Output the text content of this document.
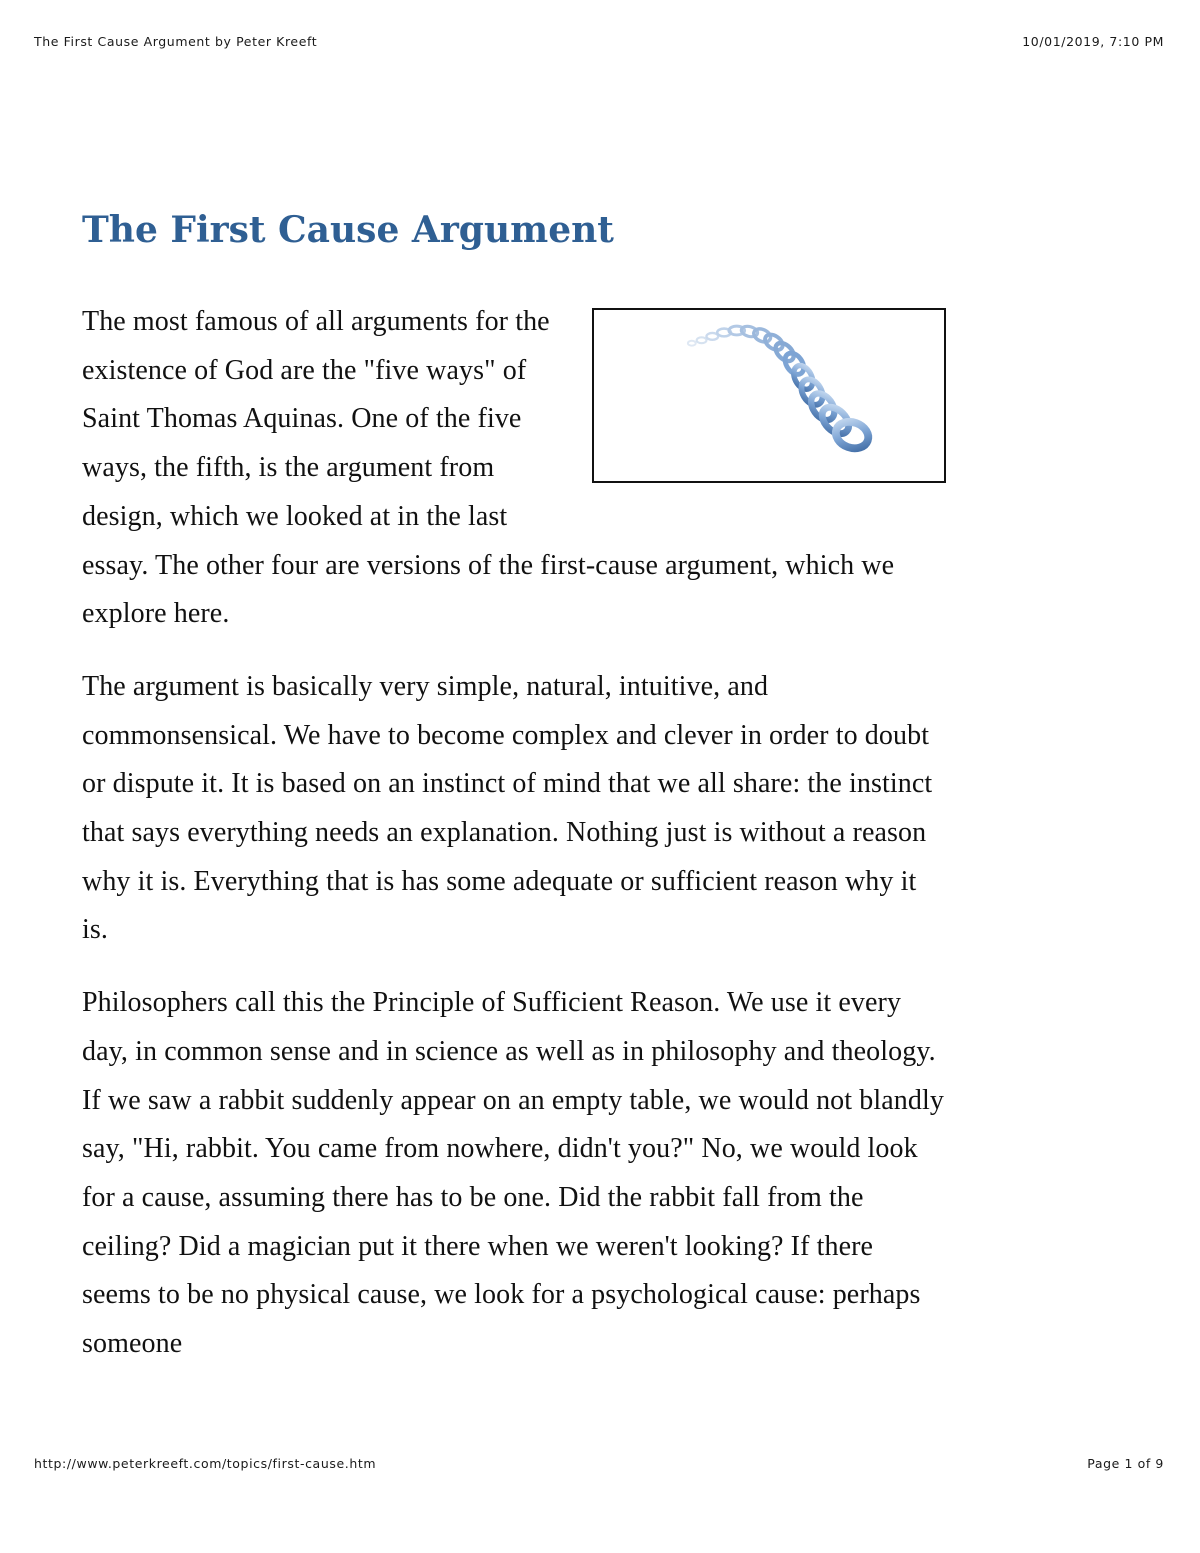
The First Cause Argument by Peter Kreeft	10/01/2019, 7:10 PM
The First Cause Argument

The most famous of all arguments for the existence of God are the "five ways" of Saint Thomas Aquinas. One of the five ways, the fifth, is the argument from design, which we looked at in the last essay. The other four are versions of the first-cause argument, which we explore here.

The argument is basically very simple, natural, intuitive, and commonsensical. We have to become complex and clever in order to doubt or dispute it. It is based on an instinct of mind that we all share: the instinct that says everything needs an explanation. Nothing just is without a reason why it is. Everything that is has some adequate or sufficient reason why it is.

Philosophers call this the Principle of Sufficient Reason. We use it every day, in common sense and in science as well as in philosophy and theology. If we saw a rabbit suddenly appear on an empty table, we would not blandly say, "Hi, rabbit. You came from nowhere, didn't you?" No, we would look for a cause, assuming there has to be one. Did the rabbit fall from the ceiling? Did a magician put it there when we weren't looking? If there seems to be no physical cause, we look for a psychological cause: perhaps someone

http://www.peterkreeft.com/topics/first-cause.htm	Page 1 of 9
